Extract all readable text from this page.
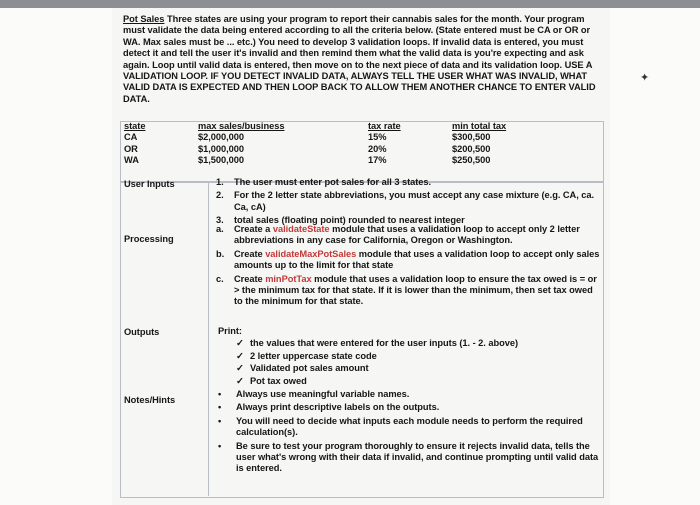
✦

Pot Sales Three states are using your program to report their cannabis sales for the month. Your program must validate the data being entered according to all the criteria below. (State entered must be CA or OR or WA. Max sales must be ... etc.) You need to develop 3 validation loops. If invalid data is entered, you must detect it and tell the user it's invalid and then remind them what the valid data is you're expecting and ask again. Loop until valid data is entered, then move on to the next piece of data and its validation loop. USE A VALIDATION LOOP. IF YOU DETECT INVALID DATA, ALWAYS TELL THE USER WHAT WAS INVALID, WHAT VALID DATA IS EXPECTED AND THEN LOOP BACK TO ALLOW THEM ANOTHER CHANCE TO ENTER VALID DATA.

state	max sales/business	tax rate	min total tax
CA	$2,000,000	15%	$300,500
OR	$1,000,000	20%	$200,500
WA	$1,500,000	17%	$250,500
User Inputs	1.	The user must enter pot sales for all 3 states.
2.	For the 2 letter state abbreviations, you must accept any case mixture (e.g. CA, ca. Ca, cA)
3.	total sales (floating point) rounded to nearest integer
Processing
a.	Create a validateState module that uses a validation loop to accept only 2 letter abbreviations in any case for California, Oregon or Washington.
b.	Create validateMaxPotSales module that uses a validation loop to accept only sales amounts up to the limit for that state
c.	Create minPotTax module that uses a validation loop to ensure the tax owed is = or > the minimum tax for that state. If it is lower than the minimum, then set tax owed to the minimum for that state.
Outputs	Print:
✓ the values that were entered for the user inputs (1. - 2. above)
✓ 2 letter uppercase state code
✓ Validated pot sales amount
✓ Pot tax owed
Notes/Hints
•	Always use meaningful variable names.
•	Always print descriptive labels on the outputs.
•	You will need to decide what inputs each module needs to perform the required calculation(s).
•	Be sure to test your program thoroughly to ensure it rejects invalid data, tells the user what's wrong with their data if invalid, and continue prompting until valid data is entered.
